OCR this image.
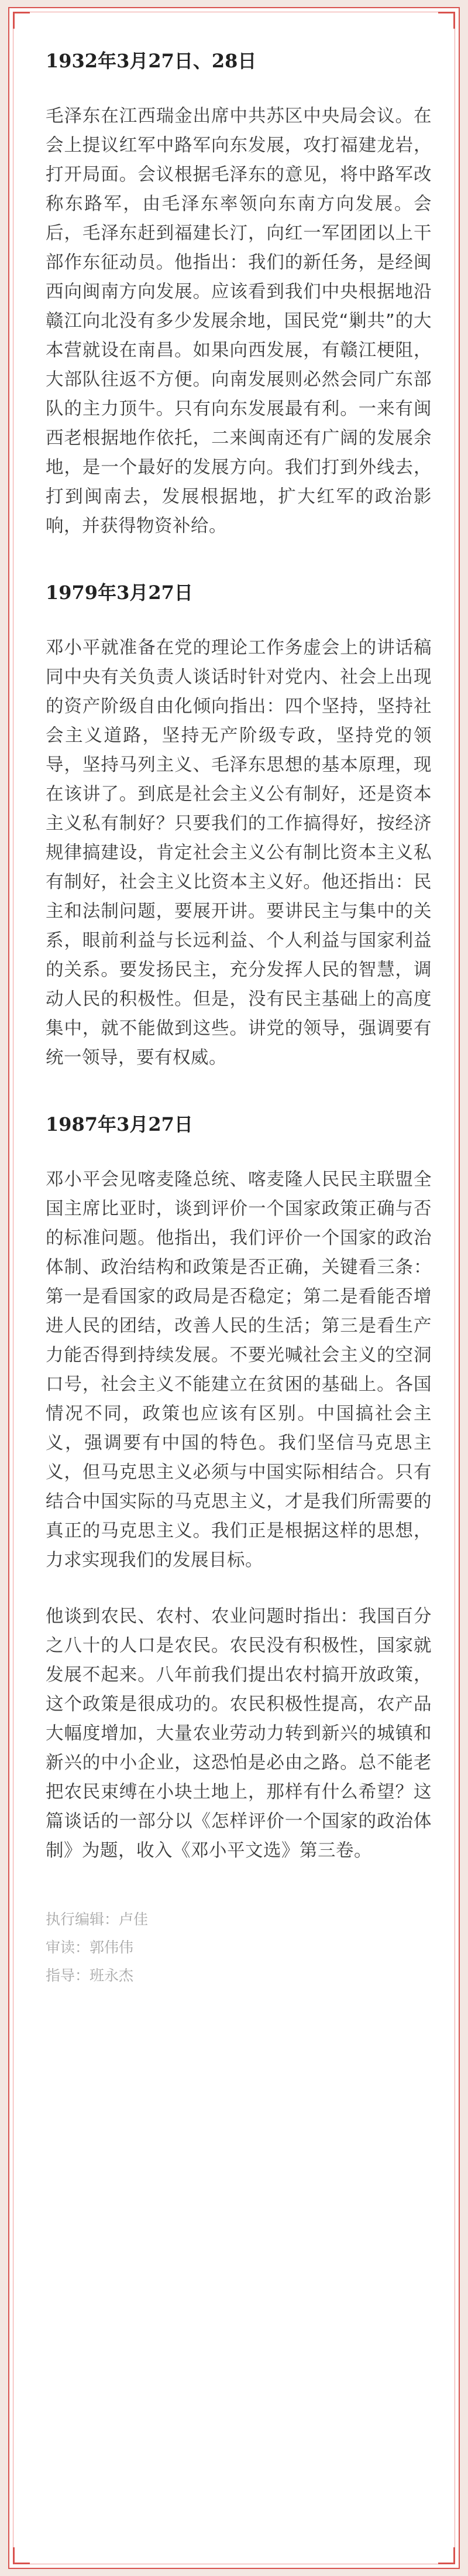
1932年3月27日、28日

毛泽东在江西瑞金出席中共苏区中央局会议。在会上提议红军中路军向东发展，攻打福建龙岩，打开局面。会议根据毛泽东的意见，将中路军改称东路军，由毛泽东率领向东南方向发展。会后，毛泽东赶到福建长汀，向红一军团团以上干部作东征动员。他指出：我们的新任务，是经闽西向闽南方向发展。应该看到我们中央根据地沿赣江向北没有多少发展余地，国民党“剿共”的大本营就设在南昌。如果向西发展，有赣江梗阻，大部队往返不方便。向南发展则必然会同广东部队的主力顶牛。只有向东发展最有利。一来有闽西老根据地作依托，二来闽南还有广阔的发展余地，是一个最好的发展方向。我们打到外线去，打到闽南去，发展根据地，扩大红军的政治影响，并获得物资补给。

1979年3月27日

邓小平就准备在党的理论工作务虚会上的讲话稿同中央有关负责人谈话时针对党内、社会上出现的资产阶级自由化倾向指出：四个坚持，坚持社会主义道路，坚持无产阶级专政，坚持党的领导，坚持马列主义、毛泽东思想的基本原理，现在该讲了。到底是社会主义公有制好，还是资本主义私有制好？只要我们的工作搞得好，按经济规律搞建设，肯定社会主义公有制比资本主义私有制好，社会主义比资本主义好。他还指出：民主和法制问题，要展开讲。要讲民主与集中的关系，眼前利益与长远利益、个人利益与国家利益的关系。要发扬民主，充分发挥人民的智慧，调动人民的积极性。但是，没有民主基础上的高度集中，就不能做到这些。讲党的领导，强调要有统一领导，要有权威。

1987年3月27日

邓小平会见喀麦隆总统、喀麦隆人民民主联盟全国主席比亚时，谈到评价一个国家政策正确与否的标准问题。他指出，我们评价一个国家的政治体制、政治结构和政策是否正确，关键看三条：第一是看国家的政局是否稳定；第二是看能否增进人民的团结，改善人民的生活；第三是看生产力能否得到持续发展。不要光喊社会主义的空洞口号，社会主义不能建立在贫困的基础上。各国情况不同，政策也应该有区别。中国搞社会主义，强调要有中国的特色。我们坚信马克思主义，但马克思主义必须与中国实际相结合。只有结合中国实际的马克思主义，才是我们所需要的真正的马克思主义。我们正是根据这样的思想，力求实现我们的发展目标。

他谈到农民、农村、农业问题时指出：我国百分之八十的人口是农民。农民没有积极性，国家就发展不起来。八年前我们提出农村搞开放政策，这个政策是很成功的。农民积极性提高，农产品大幅度增加，大量农业劳动力转到新兴的城镇和新兴的中小企业，这恐怕是必由之路。总不能老把农民束缚在小块土地上，那样有什么希望？这篇谈话的一部分以《怎样评价一个国家的政治体制》为题，收入《邓小平文选》第三卷。

执行编辑：卢佳
审读：郭伟伟
指导：班永杰
